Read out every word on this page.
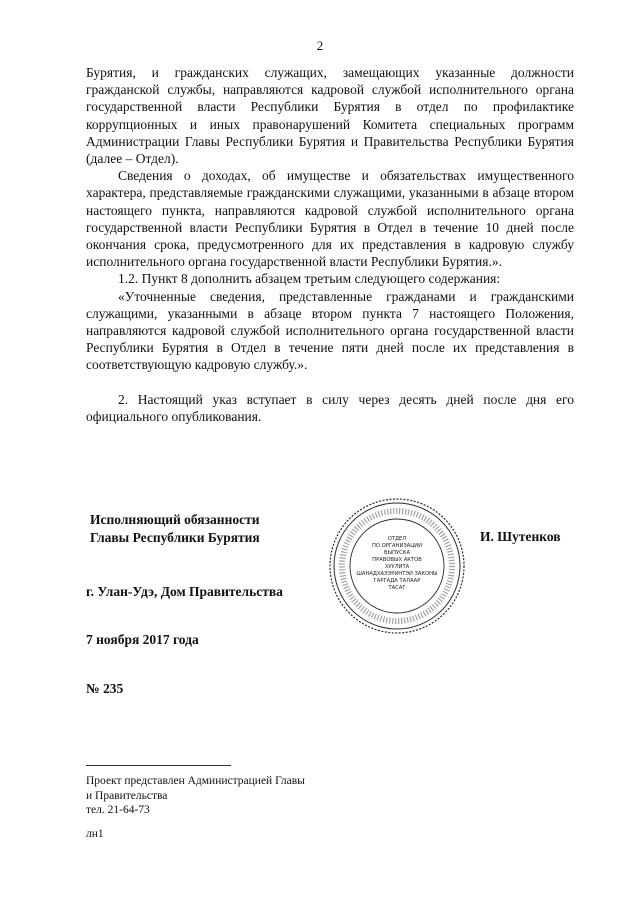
2

Бурятия, и гражданских служащих, замещающих указанные должности гражданской службы, направляются кадровой службой исполнительного органа государственной власти Республики Бурятия в отдел по профилактике коррупционных и иных правонарушений Комитета специальных программ Администрации Главы Республики Бурятия и Правительства Республики Бурятия (далее – Отдел).

Сведения о доходах, об имуществе и обязательствах имущественного характера, представляемые гражданскими служащими, указанными в абзаце втором настоящего пункта, направляются кадровой службой исполнительного органа государственной власти Республики Бурятия в Отдел в течение 10 дней после окончания срока, предусмотренного для их представления в кадровую службу исполнительного органа государственной власти Республики Бурятия.».

1.2. Пункт 8 дополнить абзацем третьим следующего содержания:

«Уточненные сведения, представленные гражданами и гражданскими служащими, указанными в абзаце втором пункта 7 настоящего Положения, направляются кадровой службой исполнительного органа государственной власти Республики Бурятия в Отдел в течение пяти дней после их представления в соответствующую кадровую службу.».

2. Настоящий указ вступает в силу через десять дней после дня его официального опубликования.

Исполняющий обязанности
Главы Республики Бурятия	И. Шутенков
г. Улан-Удэ, Дом Правительства
7 ноября 2017 года
№ 235
ОТДЕЛ
ПО ОРГАНИЗАЦИИ
ВЫПУСКА
ПРАВОВЫХ АКТОВ
ХУУЛИТА
ШАНАДХАЭЭРИНТЭЙ ЗАКОНЫ
ГАРГАДА ТАЛААР
ТАСАГ

Проект представлен Администрацией Главы

и Правительства

тел. 21-64-73

лн1
